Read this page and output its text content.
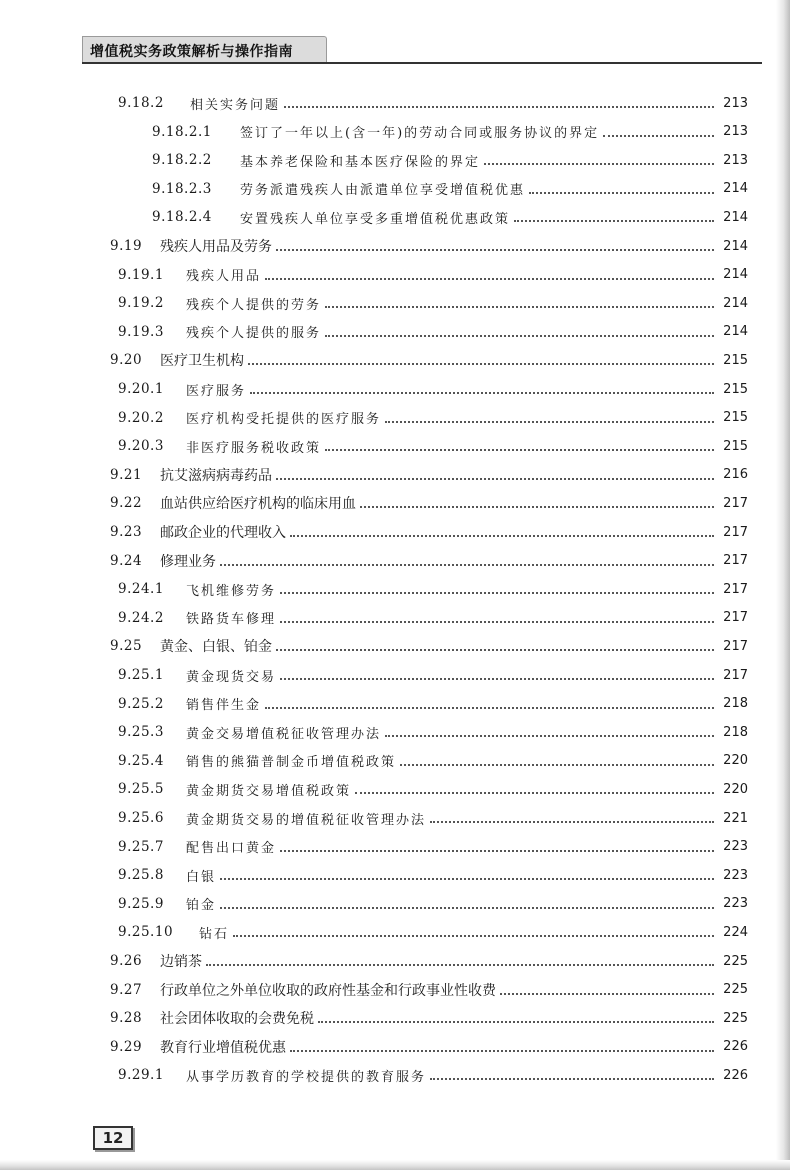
增值税实务政策解析与操作指南
9.18.2	相关实务问题	213
9.18.2.1	签订了一年以上(含一年)的劳动合同或服务协议的界定	213
9.18.2.2	基本养老保险和基本医疗保险的界定	213
9.18.2.3	劳务派遣残疾人由派遣单位享受增值税优惠	214
9.18.2.4	安置残疾人单位享受多重增值税优惠政策	214
9.19	残疾人用品及劳务	214
9.19.1	残疾人用品	214
9.19.2	残疾个人提供的劳务	214
9.19.3	残疾个人提供的服务	214
9.20	医疗卫生机构	215
9.20.1	医疗服务	215
9.20.2	医疗机构受托提供的医疗服务	215
9.20.3	非医疗服务税收政策	215
9.21	抗艾滋病病毒药品	216
9.22	血站供应给医疗机构的临床用血	217
9.23	邮政企业的代理收入	217
9.24	修理业务	217
9.24.1	飞机维修劳务	217
9.24.2	铁路货车修理	217
9.25	黄金、白银、铂金	217
9.25.1	黄金现货交易	217
9.25.2	销售伴生金	218
9.25.3	黄金交易增值税征收管理办法	218
9.25.4	销售的熊猫普制金币增值税政策	220
9.25.5	黄金期货交易增值税政策	220
9.25.6	黄金期货交易的增值税征收管理办法	221
9.25.7	配售出口黄金	223
9.25.8	白银	223
9.25.9	铂金	223
9.25.10	钻石	224
9.26	边销茶	225
9.27	行政单位之外单位收取的政府性基金和行政事业性收费	225
9.28	社会团体收取的会费免税	225
9.29	教育行业增值税优惠	226
9.29.1	从事学历教育的学校提供的教育服务	226
12
